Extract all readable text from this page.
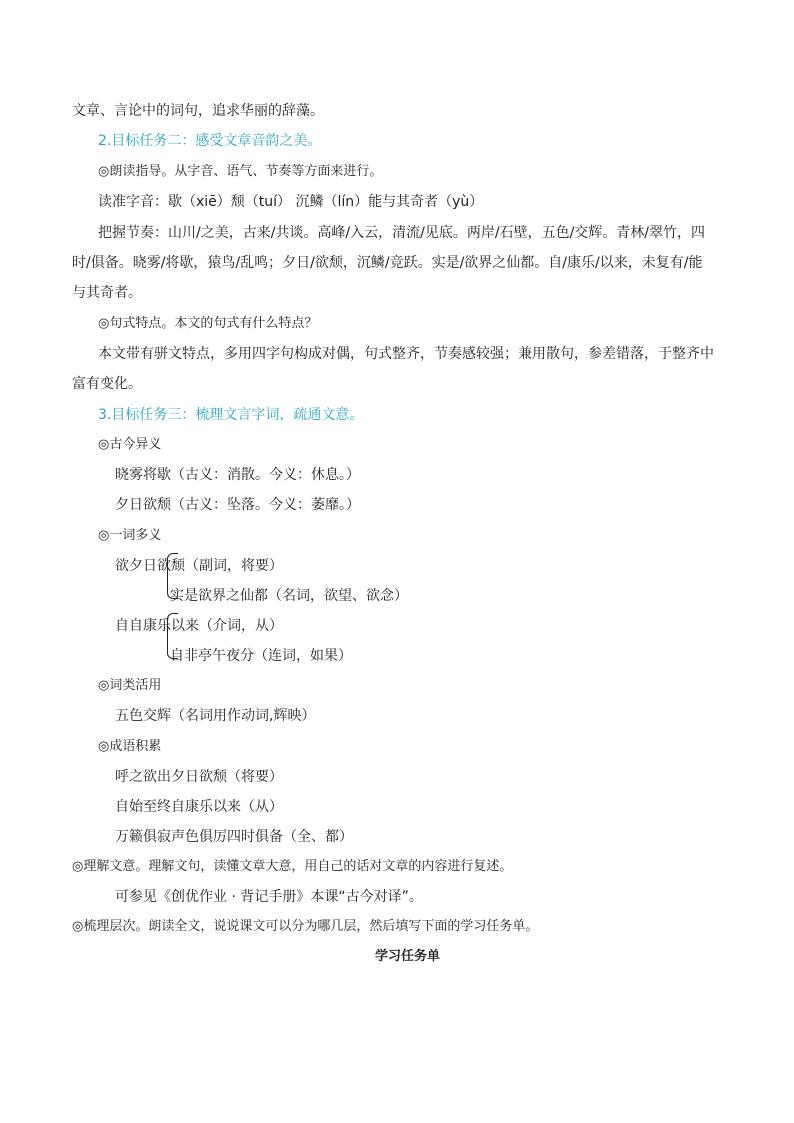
文章、言论中的词句，追求华丽的辞藻。
2.目标任务二：感受文章音韵之美。
◎朗读指导。从字音、语气、节奏等方面来进行。
读准字音：歇（xiē）颓（tuí） 沉鳞（lín）能与其奇者（yù）
把握节奏：山川/之美，古来/共谈。高峰/入云，清流/见底。两岸/石壁，五色/交辉。青林/翠竹，四
时/俱备。晓雾/将歇，猿鸟/乱鸣；夕日/欲颓，沉鳞/竞跃。实是/欲界之仙都。自/康乐/以来，未复有/能
与其奇者。
◎句式特点。本文的句式有什么特点？
本文带有骈文特点，多用四字句构成对偶，句式整齐，节奏感较强；兼用散句，参差错落，于整齐中
富有变化。
3.目标任务三：梳理文言字词，疏通文意。
◎古今异义
晓雾将歇（古义：消散。今义：休息。）
夕日欲颓（古义：坠落。今义：萎靡。）
◎一词多义
欲夕日欲颓（副词，将要）
实是欲界之仙都（名词，欲望、欲念）
自自康乐以来（介词，从）
自非亭午夜分（连词，如果）
◎词类活用
五色交辉（名词用作动词,辉映）
◎成语积累
呼之欲出夕日欲颓（将要）
自始至终自康乐以来（从）
万籁俱寂声色俱厉四时俱备（全、都）
◎理解文意。理解文句，读懂文章大意，用自己的话对文章的内容进行复述。
可参见《创优作业 · 背记手册》本课“古今对译”。
◎梳理层次。朗读全文，说说课文可以分为哪几层，然后填写下面的学习任务单。
学习任务单
